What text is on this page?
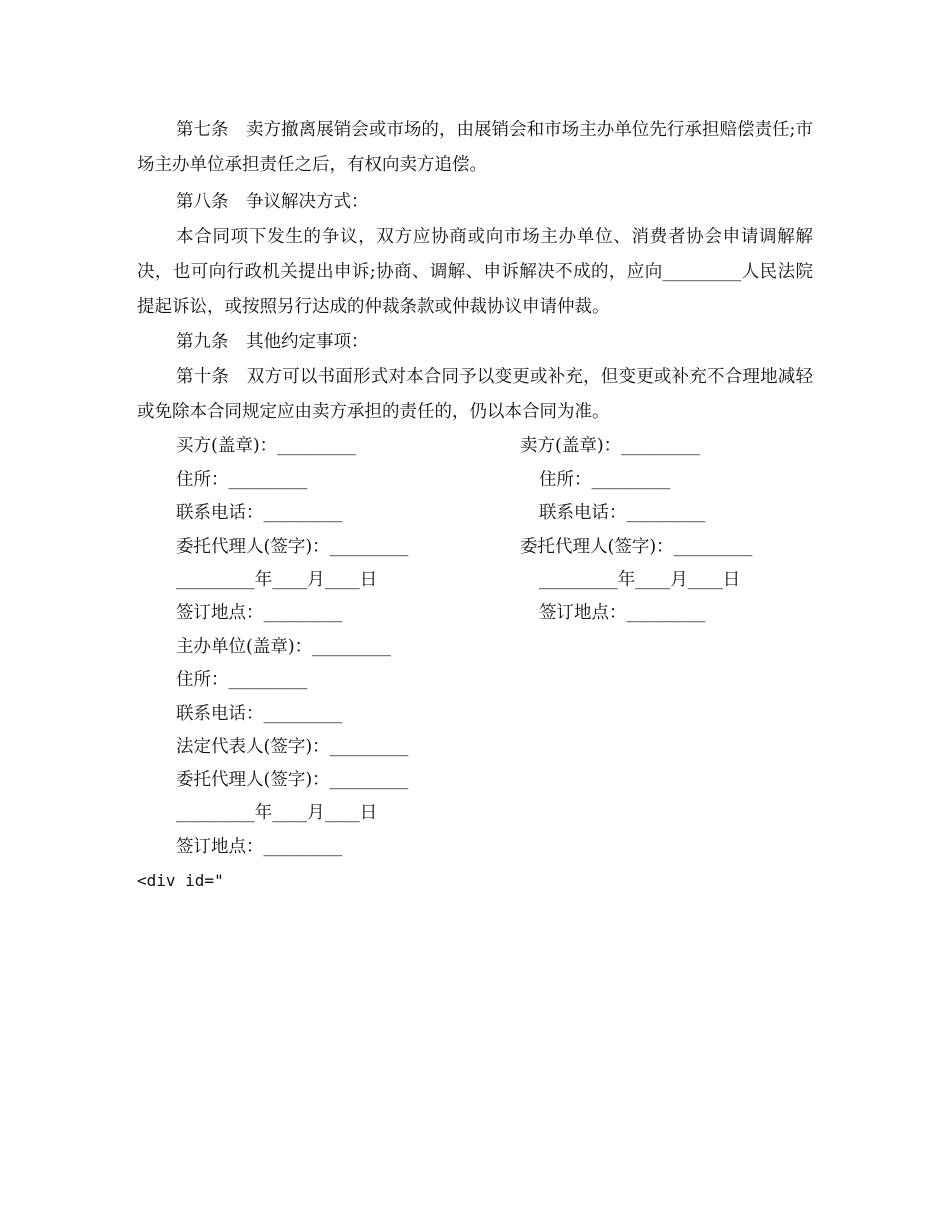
第七条　卖方撤离展销会或市场的，由展销会和市场主办单位先行承担赔偿责任;市场主办单位承担责任之后，有权向卖方追偿。

第八条　争议解决方式：

本合同项下发生的争议，双方应协商或向市场主办单位、消费者协会申请调解解决，也可向行政机关提出申诉;协商、调解、申诉解决不成的，应向_________人民法院提起诉讼，或按照另行达成的仲裁条款或仲裁协议申请仲裁。

第九条　其他约定事项：

第十条　双方可以书面形式对本合同予以变更或补充，但变更或补充不合理地减轻或免除本合同规定应由卖方承担的责任的，仍以本合同为准。

买方(盖章)：_________

住所：_________

联系电话：_________

委托代理人(签字)：_________

_________年____月____日

签订地点：_________

卖方(盖章)：_________

住所：_________

联系电话：_________

委托代理人(签字)：_________

_________年____月____日

签订地点：_________

主办单位(盖章)：_________

住所：_________

联系电话：_________

法定代表人(签字)：_________

委托代理人(签字)：_________

_________年____月____日

签订地点：_________

<div id="
